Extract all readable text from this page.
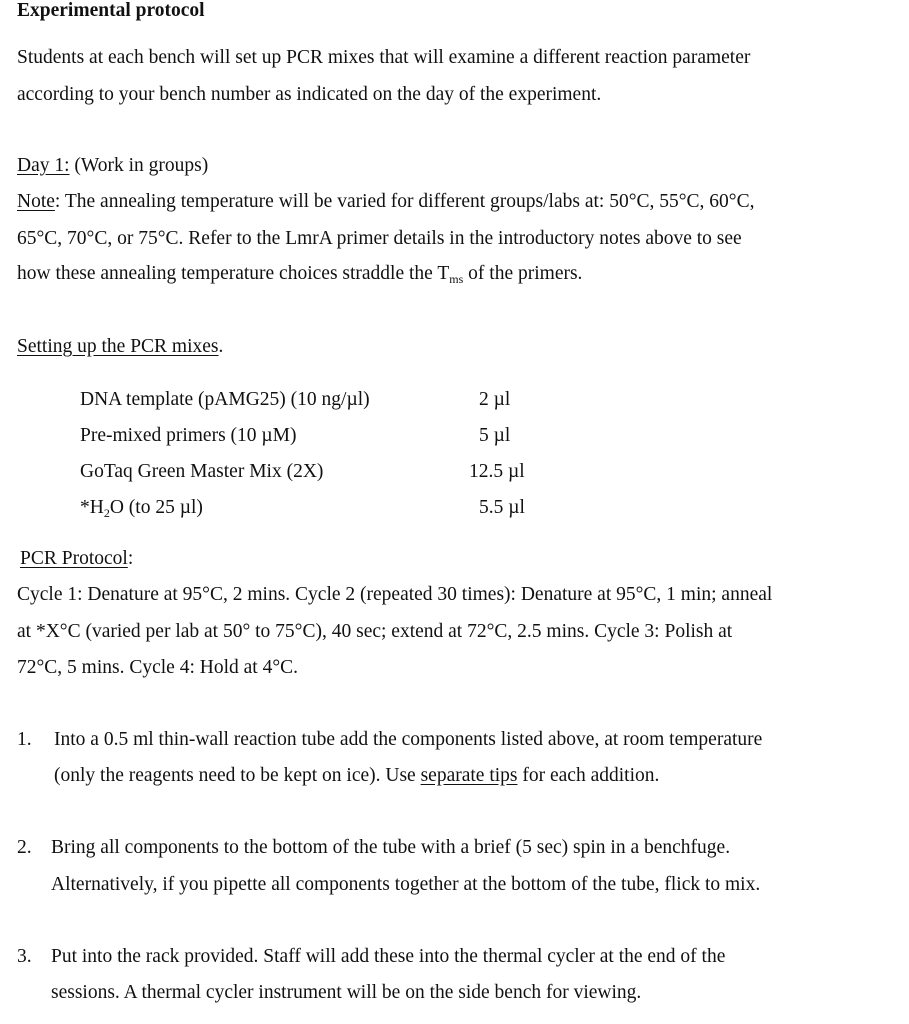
Experimental protocol
Students at each bench will set up PCR mixes that will examine a different reaction parameter
according to your bench number as indicated on the day of the experiment.
Day 1: (Work in groups)
Note: The annealing temperature will be varied for different groups/labs at: 50°C, 55°C, 60°C,
65°C, 70°C, or 75°C. Refer to the LmrA primer details in the introductory notes above to see
how these annealing temperature choices straddle the $T_{ms}$ of the primers.
Setting up the PCR mixes.
DNA template (pAMG25) (10 ng/µl)	2 µl
Pre-mixed primers (10 µM)	5 µl
GoTaq Green Master Mix (2X)	12.5 µl
$*H_2O$ (to 25 µl)	5.5 µl
PCR Protocol:
Cycle 1: Denature at 95°C, 2 mins. Cycle 2 (repeated 30 times): Denature at 95°C, 1 min; anneal
at *X°C (varied per lab at 50° to 75°C), 40 sec; extend at 72°C, 2.5 mins. Cycle 3: Polish at
72°C, 5 mins. Cycle 4: Hold at 4°C.
1. Into a 0.5 ml thin-wall reaction tube add the components listed above, at room temperature
(only the reagents need to be kept on ice). Use separate tips for each addition.
2. Bring all components to the bottom of the tube with a brief (5 sec) spin in a benchfuge.
Alternatively, if you pipette all components together at the bottom of the tube, flick to mix.
3. Put into the rack provided. Staff will add these into the thermal cycler at the end of the
sessions. A thermal cycler instrument will be on the side bench for viewing.
